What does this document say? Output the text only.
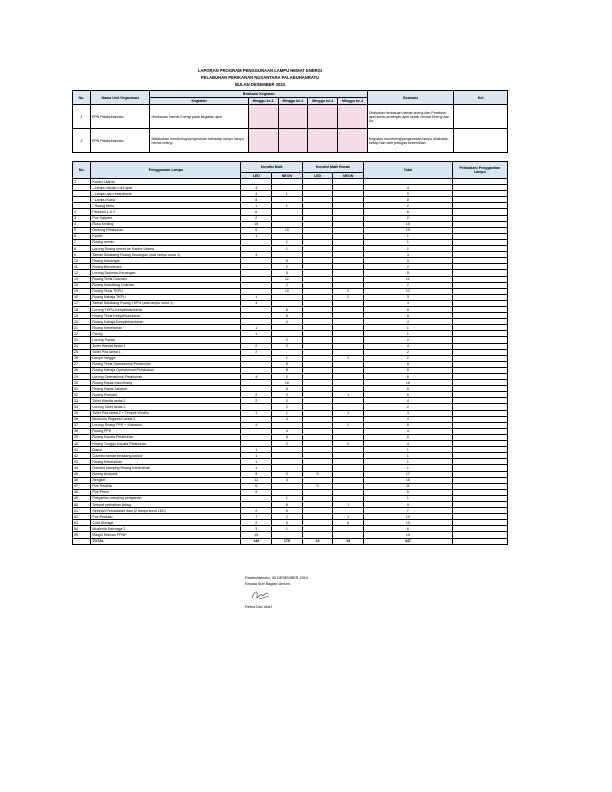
LAPORAN PROGRAM PENGGUNAAN LAMPU HEMAT ENERGI
PELABUHAN PERIKANAN NUSANTARA PALABUHANRATU
BULAN DESEMBER 2024
No.	Nama Unit Organisasi	Realisasi Kegiatan					Evaluasi	Ket
		Kegiatan	Minggu ke-1	Minggu ke-2	Minggu ke-3	Minggu ke-4		
1	PPN Palabuhanratu	Himbauan Hemat Energi pada kegiatan apel					Dilakukan himbauan hemat energi dan Pembina apel serta pemimpin apel selain Hemat Energi dan Air	
2	PPN Palabuhanratu	Melakukan monitoring/pengecekan terhadap lampu lampu hemat energi					Kegiatan monitoring/pengecekan lampu dilakukan setiap hari oleh petugas kebersihan	
No.	Penggunaan Lampu	Kondisi Baik		Kondisi Mati/ Rusak		Total	Perbaikan/ Penggantian Lampu
		LED	NEON	LED	NEON		
1	Kantor Utama						
	- Lampu depan Lobi apel	4				4	
	- Lampu dan resepsionis	4	1			5	
	- Lampu Kaca	8				8	
	- Ruang tamu	1	1			2	
2	Parkiran 1 & 2	6				6	
3	Pos Satpam	2				2	
4	Rusa Keliling	15				15	
5	Gedung Pelabuhan	5	10			15	
6	Kantin	1				1	
7	Ruang server		1			1	
8	Lorong Ruang server ke Kantor Utama		1			1	
9	Taman Belakang Ruang Keuangan (ada lampu sorot 1)	3				3	
10	Ruang Keuangan		5			5	
11	Ruang Bendahara		2			2	
12	Lorong Dukman-Keuangan		5			5	
13	Ruang Tenis Dukman		12			12	
14	Ruang Kasubbag Dukman		2			2	
15	Ruang Tenis TKPU		10		2	12	
16	Ruang Kabaja TKPU	1			2	3	
17	Taman Belakang Ruang TKPU (ada lampu sorot 1)	3				3	
18	Lorong TKPU-Kesyahbandaran		8			8	
19	Ruang Tenis Kesyahbandaran		8			8	
20	Ruang Kabaja Kesyahbandaran		4			4	
21	Ruang Kebersihan	1				1	
22	Pantry	1				1	
23	Lorong Pantry		2			2	
24	Toilet Wanita lantai 1	2	2			4	
25	Toilet Pria lantai 1	2				2	
26	Lampu tangga		1		1	2	
27	Ruang Tenis Operasional Pelabuhan		8			8	
28	Ruang Kabaja Operasional Pelabuhan		8			8	
29	Lorong Operasional Pelabuhan	4	2			6	
30	Ruang Rapat Insecthang		16			16	
31	Ruang Rapat Jabatan		8			8	
32	Ruang Podcast	2	3		1	6	
33	Toilet Wanita lantai 2	2	2			4	
34	Lorong Toilet lantai 2		2			2	
35	Toilet Pria lantai 2 + Tempat Wudhu	1	1		1	3	
36	Musholla Pegawai Lantai 2		4			4	
37	Lorong Ruang PPK + Kabaduh	4			2	6	
38	Ruang PPK		4			4	
39	Ruang Kepala Pelabuhan		6			6	
40	Ruang Tunggu Kepala Pelabuhan		2		2	4	
41	Dapur	1				1	
42	Gazebo taman belakang kantor	1				1	
43	Ruang Kebersihan	1				1	
44	Gazebo samping Ruang Kebersihan	1				1	
45	Ruang Arsipatik	9	3	5		17	
46	Bengkel	12	4			16	
47	Pos Sindeta	6		5		11	
48	Pos Peren	5				5	
49	Pasyambu samping pelayanan		1			1	
50	Tempat perbaikan jaring		8		1	9	
51	Sebelah Pendataran ikan (2 lampu sorot LED)	2	5			7	
52	Pos Perikalu	7	2		1	10	
53	Cold Storage	2	8		5	15	
54	Musholla Dermaga 2	3	1			6	
55	Masjid Ridwan PPNP	15				15	
	TOTAL	146	175	10	15	347	
Palabuhanratu, 30 DESEMBER 2024
Kepala Sub Bagian Umum
Retno Dwi Utari
